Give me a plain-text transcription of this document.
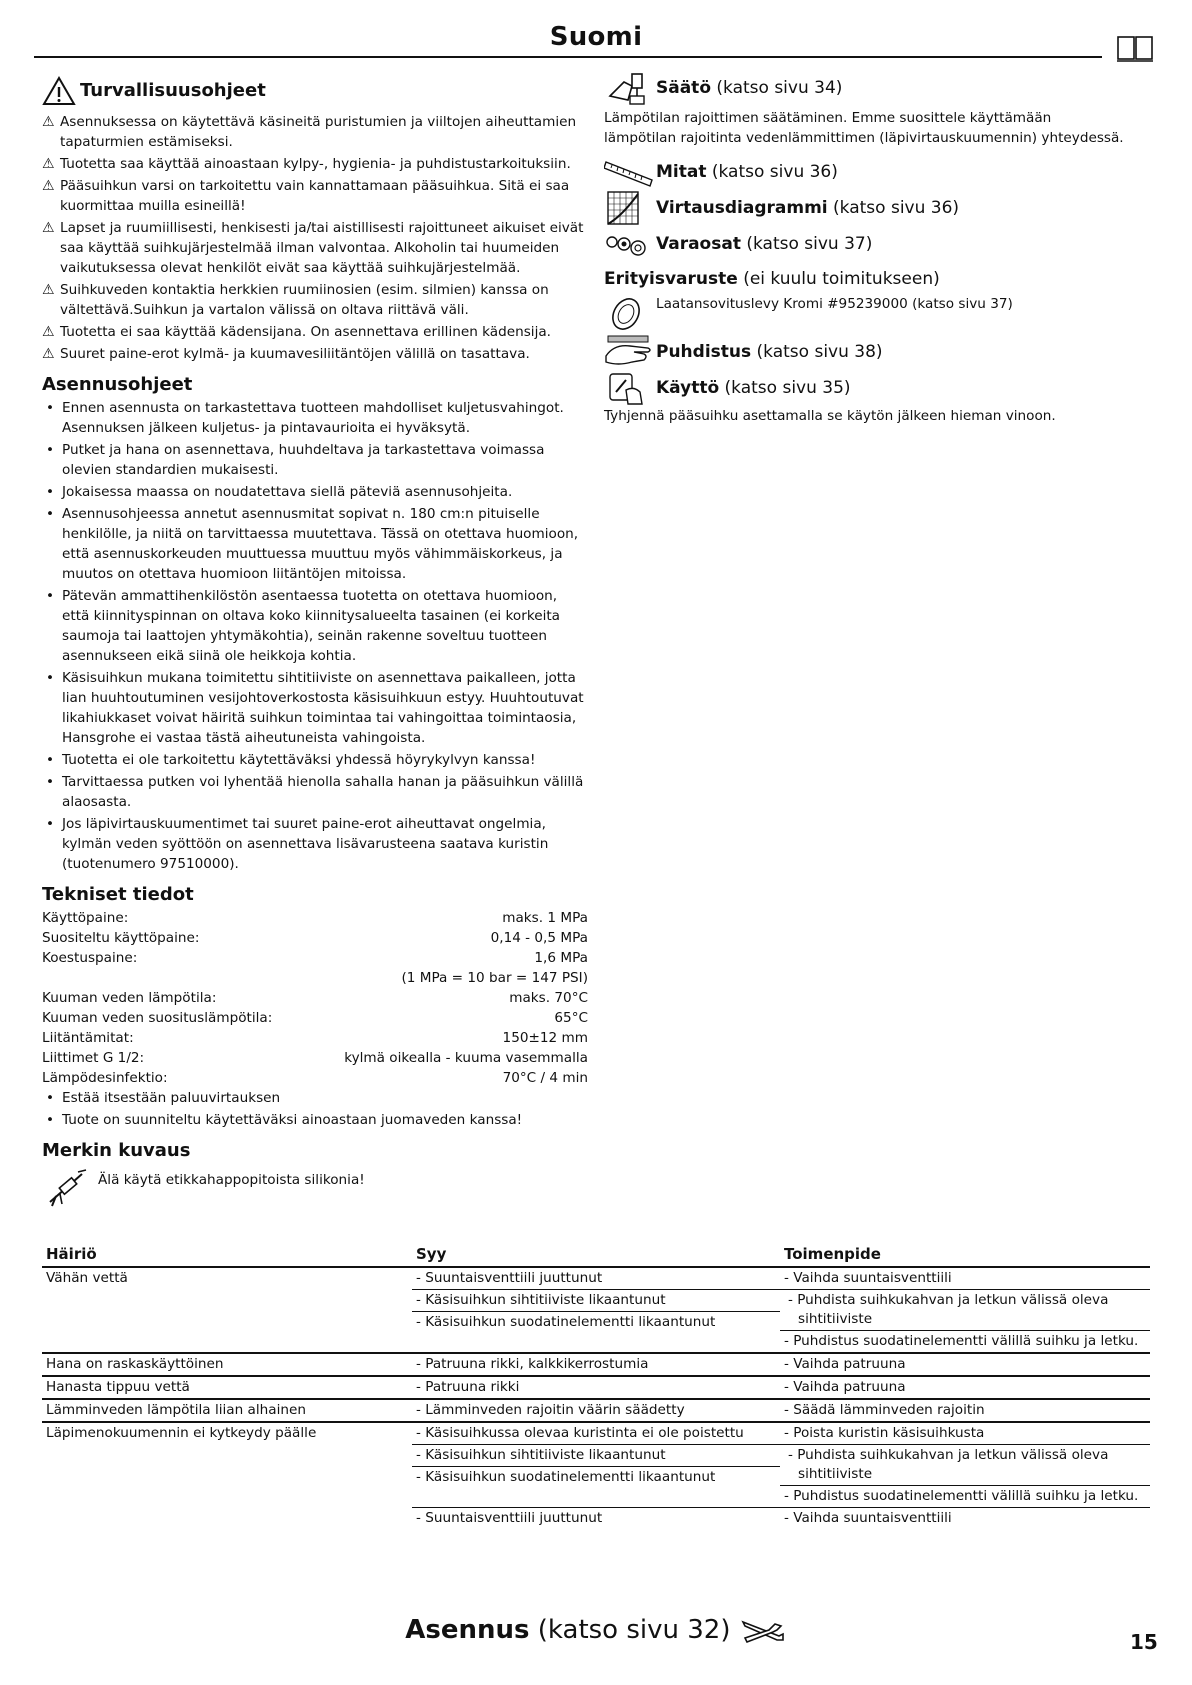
Suomi
Turvallisuusohjeet

⚠ Asennuksessa on käytettävä käsineitä puristumien ja viiltojen aiheuttamien tapaturmien estämiseksi.

⚠ Tuotetta saa käyttää ainoastaan kylpy-, hygienia- ja puhdistustarkoituksiin.

⚠ Pääsuihkun varsi on tarkoitettu vain kannattamaan pääsuihkua. Sitä ei saa kuormittaa muilla esineillä!

⚠ Lapset ja ruumiillisesti, henkisesti ja/tai aistillisesti rajoittuneet aikuiset eivät saa käyttää suihkujärjestelmää ilman valvontaa. Alkoholin tai huumeiden vaikutuksessa olevat henkilöt eivät saa käyttää suihkujärjestelmää.

⚠ Suihkuveden kontaktia herkkien ruumiinosien (esim. silmien) kanssa on vältettävä.Suihkun ja vartalon välissä on oltava riittävä väli.

⚠ Tuotetta ei saa käyttää kädensijana. On asennettava erillinen kädensija.

⚠ Suuret paine-erot kylmä- ja kuumavesiliitäntöjen välillä on tasattava.

Asennusohjeet
• Ennen asennusta on tarkastettava tuotteen mahdolliset kuljetusvahingot. Asennuksen jälkeen kuljetus- ja pintavaurioita ei hyväksytä.
• Putket ja hana on asennettava, huuhdeltava ja tarkastettava voimassa olevien standardien mukaisesti.
• Jokaisessa maassa on noudatettava siellä päteviä asennusohjeita.
• Asennusohjeessa annetut asennusmitat sopivat n. 180 cm:n pituiselle henkilölle, ja niitä on tarvittaessa muutettava. Tässä on otettava huomioon, että asennuskorkeuden muuttuessa muuttuu myös vähimmäiskorkeus, ja muutos on otettava huomioon liitäntöjen mitoissa.
• Pätevän ammattihenkilöstön asentaessa tuotetta on otettava huomioon, että kiinnityspinnan on oltava koko kiinnitysalueelta tasainen (ei korkeita saumoja tai laattojen yhtymäkohtia), seinän rakenne soveltuu tuotteen asennukseen eikä siinä ole heikkoja kohtia.
• Käsisuihkun mukana toimitettu sihtitiiviste on asennettava paikalleen, jotta lian huuhtoutuminen vesijohtoverkostosta käsisuihkuun estyy. Huuhtoutuvat likahiukkaset voivat häiritä suihkun toimintaa tai vahingoittaa toimintaosia, Hansgrohe ei vastaa tästä aiheutuneista vahingoista.
• Tuotetta ei ole tarkoitettu käytettäväksi yhdessä höyrykylvyn kanssa!
• Tarvittaessa putken voi lyhentää hienolla sahalla hanan ja pääsuihkun välillä alaosasta.
• Jos läpivirtauskuumentimet tai suuret paine-erot aiheuttavat ongelmia, kylmän veden syöttöön on asennettava lisävarusteena saatava kuristin (tuotenumero 97510000).
Tekniset tiedot
Käyttöpaine:	maks. 1 MPa
Suositeltu käyttöpaine:	0,14 - 0,5 MPa
Koestuspaine:	1,6 MPa
(1 MPa = 10 bar = 147 PSI)
Kuuman veden lämpötila:	maks. 70°C
Kuuman veden suosituslämpötila:	65°C
Liitäntämitat:	150±12 mm
Liittimet G 1/2:	kylmä oikealla - kuuma vasemmalla
Lämpödesinfektio:	70°C / 4 min
• Estää itsestään paluuvirtauksen
• Tuote on suunniteltu käytettäväksi ainoastaan juomaveden kanssa!
Merkin kuvaus
Älä käytä etikkahappopitoista silikonia!
Säätö (katso sivu 34)
Lämpötilan rajoittimen säätäminen. Emme suosittele käyttämään lämpötilan rajoitinta vedenlämmittimen (läpivirtauskuumennin) yhteydessä.
Mitat (katso sivu 36)
Virtausdiagrammi (katso sivu 36)
Varaosat (katso sivu 37)
Erityisvaruste (ei kuulu toimitukseen)
Laatansovituslevy Kromi #95239000 (katso sivu 37)
Puhdistus (katso sivu 38)
Käyttö (katso sivu 35)
Tyhjennä pääsuihku asettamalla se käytön jälkeen hieman vinoon.
Häiriö	Syy	Toimenpide
Vähän vettä	- Suuntaisventtiili juuttunut	- Vaihda suuntaisventtiili
	- Käsisuihkun sihtitiiviste likaantunut	- Puhdista suihkukahvan ja letkun välissä oleva sihtitiiviste
	- Käsisuihkun suodatinelementti likaantunut	
		- Puhdistus suodatinelementti välillä suihku ja letku.
Hana on raskaskäyttöinen	- Patruuna rikki, kalkkikerrostumia	- Vaihda patruuna
Hanasta tippuu vettä	- Patruuna rikki	- Vaihda patruuna
Lämminveden lämpötila liian alhainen	- Lämminveden rajoitin väärin säädetty	- Säädä lämminveden rajoitin
Läpimenokuumennin ei kytkeydy päälle	- Käsisuihkussa olevaa kuristinta ei ole poistettu	- Poista kuristin käsisuihkusta
	- Käsisuihkun sihtitiiviste likaantunut	- Puhdista suihkukahvan ja letkun välissä oleva sihtitiiviste
	- Käsisuihkun suodatinelementti likaantunut	
		- Puhdistus suodatinelementti välillä suihku ja letku.
	- Suuntaisventtiili juuttunut	- Vaihda suuntaisventtiili
Asennus (katso sivu 32)	15
